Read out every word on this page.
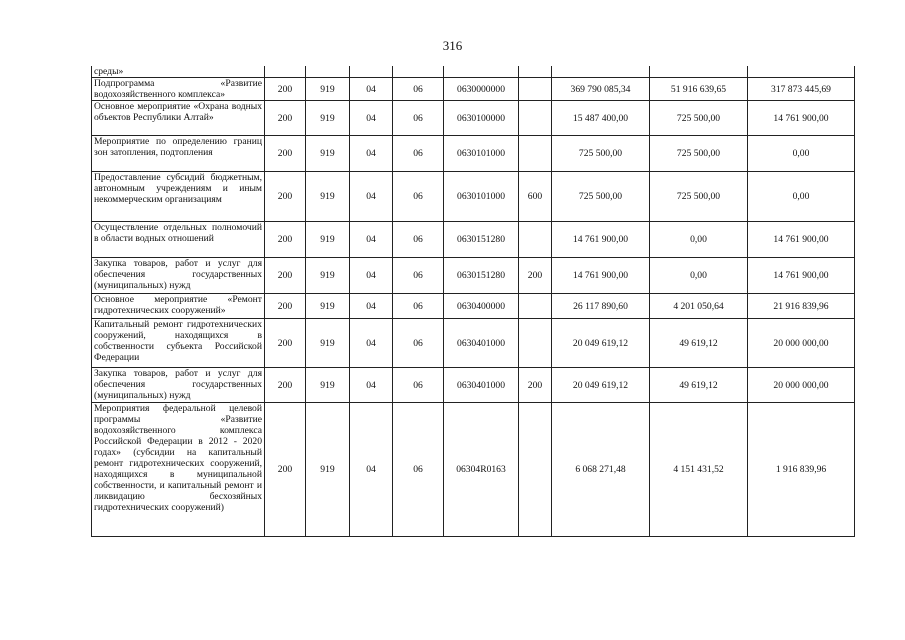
316
среды»									
Подпрограмма «Развитие водохозяйственного комплекса»	200	919	04	06	0630000000		369 790 085,34	51 916 639,65	317 873 445,69
Основное мероприятие «Охрана водных объектов Республики Алтай»	200	919	04	06	0630100000		15 487 400,00	725 500,00	14 761 900,00
Мероприятие по определению границ зон затопления, подтопления	200	919	04	06	0630101000		725 500,00	725 500,00	0,00
Предоставление субсидий бюджетным, автономным учреждениям и иным некоммерческим организациям	200	919	04	06	0630101000	600	725 500,00	725 500,00	0,00
Осуществление отдельных полномочий в области водных отношений	200	919	04	06	0630151280		14 761 900,00	0,00	14 761 900,00
Закупка товаров, работ и услуг для обеспечения государственных (муниципальных) нужд	200	919	04	06	0630151280	200	14 761 900,00	0,00	14 761 900,00
Основное мероприятие «Ремонт гидротехнических сооружений»	200	919	04	06	0630400000		26 117 890,60	4 201 050,64	21 916 839,96
Капитальный ремонт гидротехнических сооружений, находящихся в собственности субъекта Российской Федерации	200	919	04	06	0630401000		20 049 619,12	49 619,12	20 000 000,00
Закупка товаров, работ и услуг для обеспечения государственных (муниципальных) нужд	200	919	04	06	0630401000	200	20 049 619,12	49 619,12	20 000 000,00
Мероприятия федеральной целевой программы «Развитие водохозяйственного комплекса Российской Федерации в 2012 - 2020 годах» (субсидии на капитальный ремонт гидротехнических сооружений, находящихся в муниципальной собственности, и капитальный ремонт и ликвидацию бесхозяйных гидротехнических сооружений)	200	919	04	06	06304R0163		6 068 271,48	4 151 431,52	1 916 839,96
